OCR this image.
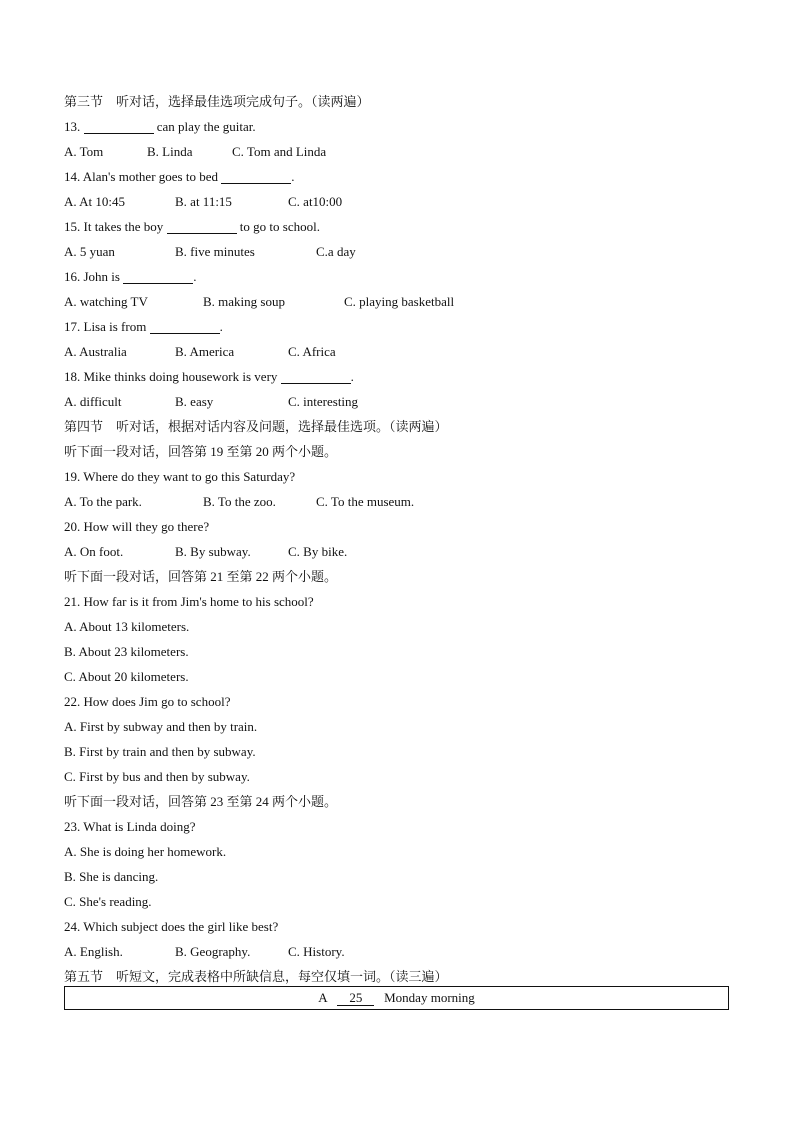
第三节　听对话，选择最佳选项完成句子。（读两遍）
13.	can play the guitar.
A. Tom	B. Linda	C. Tom and Linda
14. Alan's mother goes to bed	.
A. At 10:45	B. at 11:15	C. at10:00
15. It takes the boy	to go to school.
A. 5 yuan	B. five minutes	C.a day
16. John is	.
A. watching TV	B. making soup	C. playing basketball
17. Lisa is from	.
A. Australia	B. America	C. Africa
18. Mike thinks doing housework is very	.
A. difficult	B. easy	C. interesting
第四节　听对话，根据对话内容及问题，选择最佳选项。（读两遍）
听下面一段对话，回答第 19 至第 20 两个小题。
19. Where do they want to go this Saturday?
A. To the park.	B. To the zoo.	C. To the museum.
20. How will they go there?
A. On foot.	B. By subway.	C. By bike.
听下面一段对话，回答第 21 至第 22 两个小题。
21. How far is it from Jim's home to his school?
A. About 13 kilometers.
B. About 23 kilometers.
C. About 20 kilometers.
22. How does Jim go to school?
A. First by subway and then by train.
B. First by train and then by subway.
C. First by bus and then by subway.
听下面一段对话，回答第 23 至第 24 两个小题。
23. What is Linda doing?
A. She is doing her homework.
B. She is dancing.
C. She's reading.
24. Which subject does the girl like best?
A. English.	B. Geography.	C. History.
第五节　听短文，完成表格中所缺信息，每空仅填一词。（读三遍）
A 25 Monday morning
